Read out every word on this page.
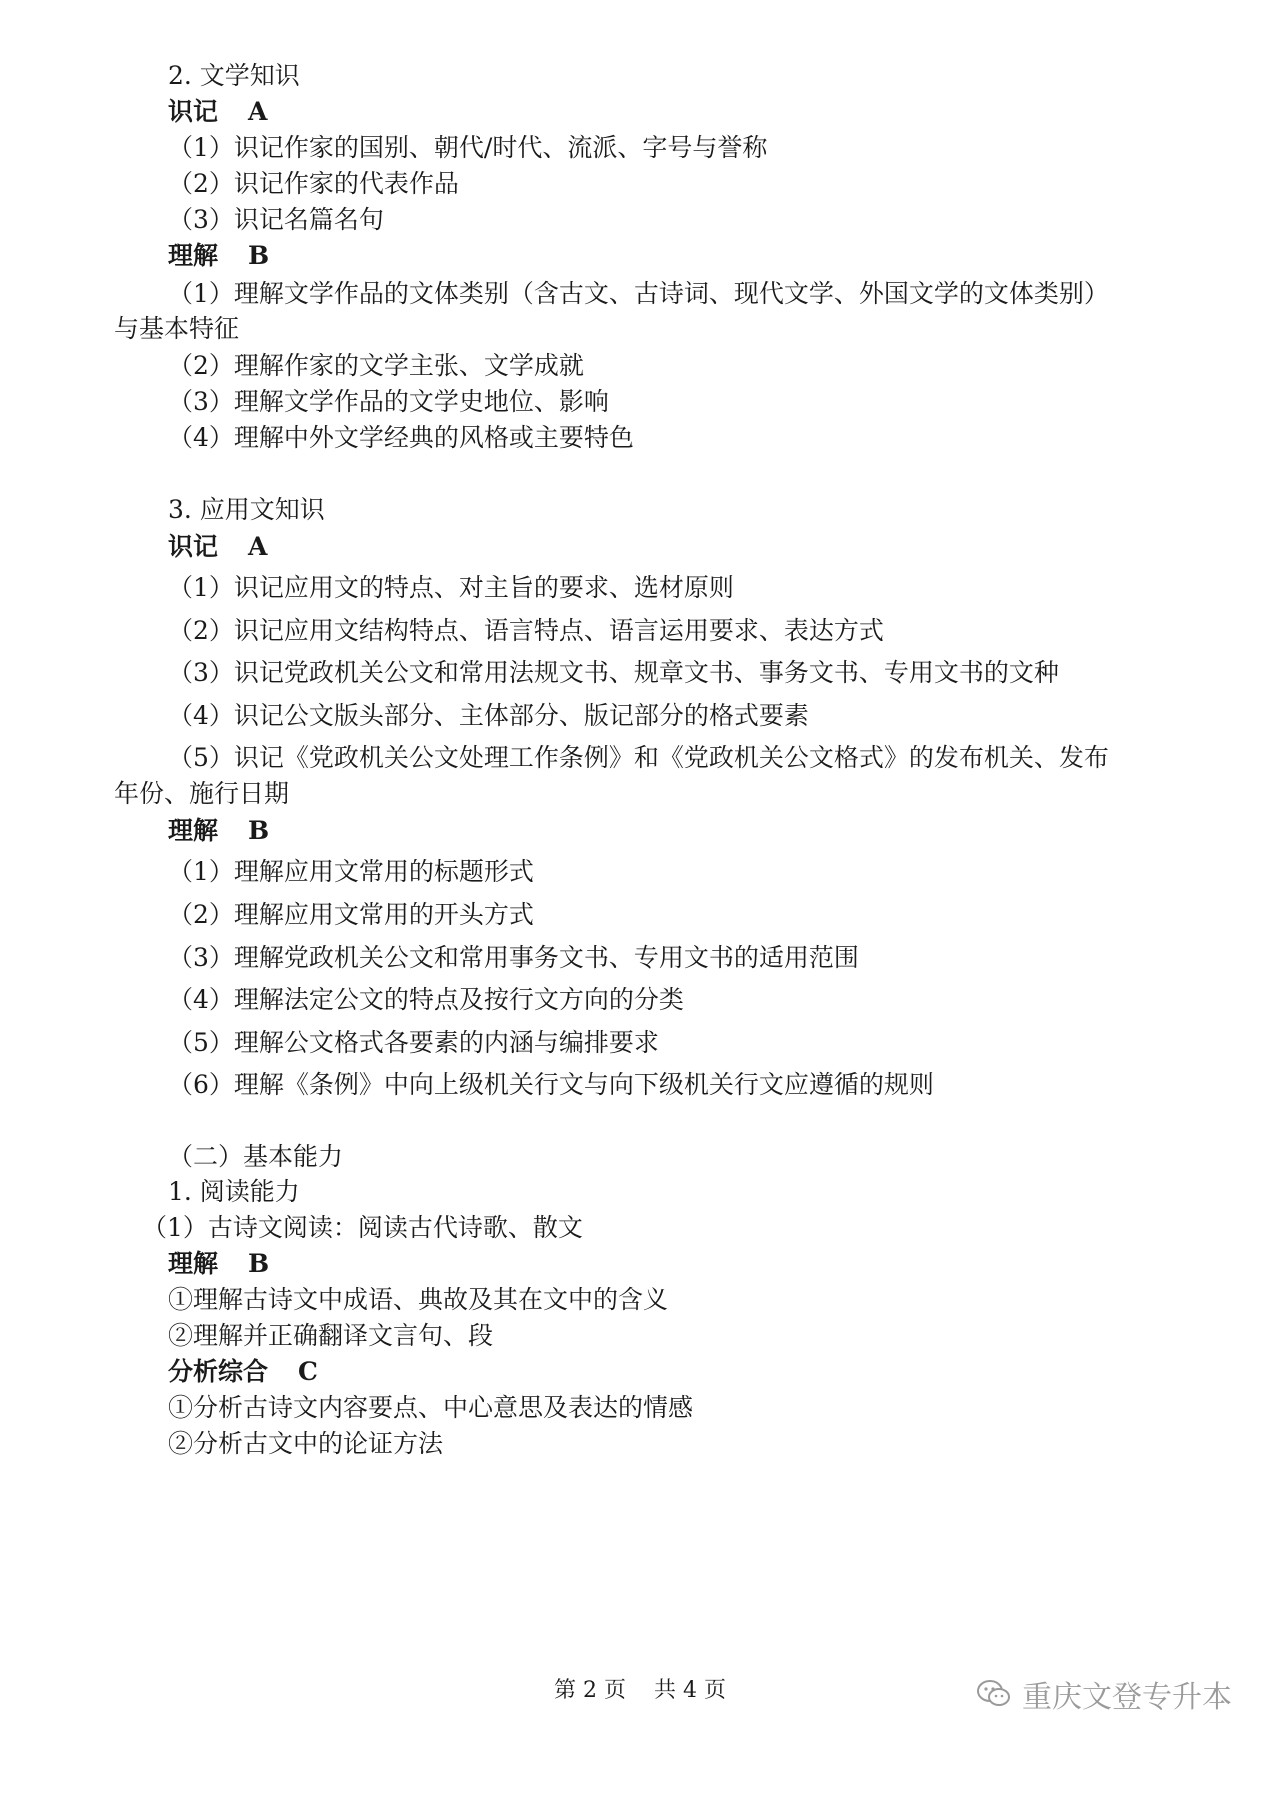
2. 文学知识
识记 A
（1）识记作家的国别、朝代/时代、流派、字号与誉称
（2）识记作家的代表作品
（3）识记名篇名句
理解 B
（1）理解文学作品的文体类别（含古文、古诗词、现代文学、外国文学的文体类别）
与基本特征
（2）理解作家的文学主张、文学成就
（3）理解文学作品的文学史地位、影响
（4）理解中外文学经典的风格或主要特色
3. 应用文知识
识记 A
（1）识记应用文的特点、对主旨的要求、选材原则
（2）识记应用文结构特点、语言特点、语言运用要求、表达方式
（3）识记党政机关公文和常用法规文书、规章文书、事务文书、专用文书的文种
（4）识记公文版头部分、主体部分、版记部分的格式要素
（5）识记《党政机关公文处理工作条例》和《党政机关公文格式》的发布机关、发布
年份、施行日期
理解 B
（1）理解应用文常用的标题形式
（2）理解应用文常用的开头方式
（3）理解党政机关公文和常用事务文书、专用文书的适用范围
（4）理解法定公文的特点及按行文方向的分类
（5）理解公文格式各要素的内涵与编排要求
（6）理解《条例》中向上级机关行文与向下级机关行文应遵循的规则
（二）基本能力
1. 阅读能力
（1）古诗文阅读：阅读古代诗歌、散文
理解 B
①理解古诗文中成语、典故及其在文中的含义
②理解并正确翻译文言句、段
分析综合 C
①分析古诗文内容要点、中心意思及表达的情感
②分析古文中的论证方法
第 2 页 共 4 页	重庆文登专升本
